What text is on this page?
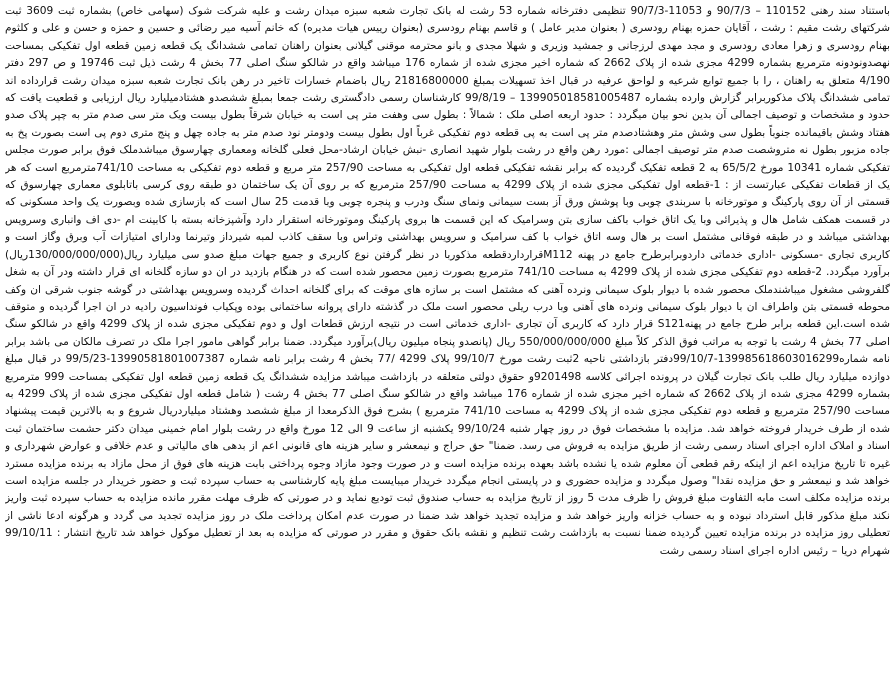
باستناد سند رهنی 110152 – 90/7/3 و 11053-90/7/3 تنظیمی دفترخانه شماره 53 رشت له بانک تجارت شعبه سبزه میدان رشت و علیه شرکت شوک (سهامی خاص) بشماره ثبت 3609 ثبت شرکتهای رشت مقیم : رشت ، آقایان حمزه بهنام رودسری ( بعنوان مدیر عامل ) و قاسم بهنام رودسری (بعنوان رییس هیات مدیره) که خانم آسیه میر رضائی و حسین و حمزه و حسن و علی و کلثوم بهنام رودسری و زهرا معادی رودسری و مجد مهدی لرزجانی و جمشید وزیری و شهلا مجدی و بانو محترمه موقنی گیلانی بعنوان راهنان تمامی ششدانگ یک قطعه زمین قطعه اول تفکیکی بمساحت نهصدونودونه مترمربع بشماره 4299 مجزی شده از پلاک 2662 که شماره اخیر مجزی شده از شماره 176 میباشد واقع در شالکو سنگ اصلی 77 بخش 4 رشت ذیل ثبت 19746 و ص 297 دفتر 4/190 متعلق به راهنان ، را با جمیع توابع شرعیه و لواحق عرفیه در قبال اخذ تسهیلات بمبلغ 21816800000 ریال باضمام خسارات تاخیر در رهن بانک تجارت شعبه سبزه میدان رشت قرارداده اند تمامی ششدانگ پلاک مذکوربرابر گزارش وارده بشماره 139905018581005487 – 99/8/19 کارشناسان رسمی دادگستری رشت جمعا بمبلغ ششصدو هشتادمیلیارد ریال ارزیابی و قطعیت یافت که حدود و مشخصات و توصیف اجمالی آن بدین نحو بیان میگردد : حدود اربعه اصلی ملک : شمالاً : بطول سی وهفت متر پی است به خیابان شرقاً بطول بیست ویک متر سی صدم متر به چپر پلاک صدو هفتاد وشش باقیمانده جنوباً بطول سی وشش متر وهشتادصدم متر پی است به پی قطعه دوم تفکیکی غرباً اول بطول بیست ودومتر نود صدم متر به جاده چهل و پنج متری دوم پی است بصورت پخ به جاده مزبور بطول نه متروشصت صدم متر توصیف اجمالی :مورد رهن واقع در رشت بلوار شهید انصاری -نبش خیابان ارشاد-محل فعلی گلخانه ومعماری چهارسوق میباشدملک فوق برابر صورت مجلس تفکیکی شماره 10341 مورخ 65/5/2 به 2 قطعه تفکیک گردیده که برابر نقشه تفکیکی قطعه اول تفکیکی به مساحت 257/90 متر مربع و قطعه دوم تفکیکی به مساحت 741/10مترمربع است که هر یک از قطعات تفکیکی عبارتست از : 1-قطعه اول تفکیکی مجزی شده از پلاک 4299 به مساحت 257/90 مترمربع که بر روی آن یک ساختمان دو طبقه روی کرسی باتابلوی معماری چهارسوق که قسمتی از آن روی پارکینگ و موتورخانه با سربندی چوبی وبا پوشش ورق آز بست سیمانی ونمای سنگ ودرب و پنجره چوبی وبا قدمت 25 سال است که بازسازی شده وبصورت یک واحد مسکونی که در قسمت همکف شامل هال و پذیرائی وبا یک اتاق خواب باکف سازی بتن وسرامیک که این قسمت ها بروی پارکینگ وموتورخانه استقرار دارد وآشپزخانه بسته با کابینت ام -دی اف وانباری وسرویس بهداشتی میباشد و در طبقه فوقانی مشتمل است بر هال وسه اتاق خواب با کف سرامیک و سرویس بهداشتی وتراس وبا سقف کاذب لمبه شیرداز وتیرنما ودارای امتیازات آب وبرق وگاز است و کاربری تجاری -مسکونی -اداری خدماتی داردوبرابرطرح جامع در پهنه M112قرارداردقطعه مذکوربا در نظر گرفتن نوع کاربری و جمیع جهات مبلغ صدو سی میلیارد ریال(130/000/000/000ریال) برآورد میگردد. 2-قطعه دوم تفکیکی مجزی شده از پلاک 4299 به مساحت 741/10 مترمربع بصورت زمین محصور شده است که در هنگام بازدید در ان دو سازه گلخانه ای قرار داشته ودر آن به شغل گلفروشی مشغول میباشندملک محصور شده با دیوار بلوک سیمانی ونرده آهنی که مشتمل است بر سازه های موقت که برای گلخانه احداث گردیده وسرویس بهداشتی در گوشه جنوب شرقی ان وکف محوطه قسمتی بتن واطراف ان با دیوار بلوک سیمانی ونرده های آهنی وبا درب ریلی محصور است ملک در گذشته دارای پروانه ساختمانی بوده وپکیاب فونداسیون رادیه در ان اجرا گردیده و متوقف شده است.این قطعه برابر طرح جامع در پهنهS121 قرار دارد که کاربری آن تجاری -اداری خدماتی است در نتیجه ارزش قطعات اول و دوم تفکیکی مجزی شده از پلاک 4299 واقع در شالکو سنگ اصلی 77 بخش 4 رشت با توجه به مراتب فوق الذکر کلاً مبلغ 550/000/000/000 ریال (پانصدو پنجاه میلیون ریال)برآورد میگردد. ضمنا برابر گواهی مامور اجرا ملک در تصرف مالکان می باشد برابر نامه شماره139985618603016299-99/10/7دفتر بازداشتی ناحیه 2ثبت رشت مورخ 99/10/7 پلاک 4299 /77 بخش 4 رشت برابر نامه شماره 13990581801007387-99/5/23 در قبال مبلغ دوازده میلیارد ریال طلب بانک تجارت گیلان در پرونده اجرائی کلاسه 9201498و حقوق دولتی متعلقه در بازداشت میباشد مزایده ششدانگ یک قطعه زمین قطعه اول تفکیکی بمساحت 999 مترمربع بشماره 4299 مجزی شده از پلاک 2662 که شماره اخیر مجزی شده از شماره 176 میباشد واقع در شالکو سنگ اصلی 77 بخش 4 رشت ( شامل قطعه اول تفکیکی مجزی شده از پلاک 4299 به مساحت 257/90 مترمربع و قطعه دوم تفکیکی مجزی شده از پلاک 4299 به مساحت 741/10 مترمربع ) بشرح فوق الذکرمعدا از مبلغ ششصد وهشتاد میلیاردریال شروع و به بالاترین قیمت پیشنهاد شده از طرف خریدار فروخته خواهد شد. مزایده با مشخصات فوق در روز چهار شنبه 99/10/24 یکشنبه از ساعت 9 الی 12 مورخ واقع در رشت بلوار امام خمینی میدان دکتر حشمت ساختمان ثبت اسناد و املاک اداره اجرای اسناد رسمی رشت از طریق مزایده به فروش می رسد. ضمنا" حق حراج و نیمعشر و سایر هزینه های قانونی اعم از بدهی های مالیاتی و عدم خلافی و عوارض شهرداری و غیره تا تاریخ مزایده اعم از اینکه رقم قطعی آن معلوم شده یا نشده باشد بعهده برنده مزایده است و در صورت وجود مازاد وجوه پرداختی بابت هزینه های فوق از محل مازاد به برنده مزایده مسترد خواهد شد و نیمعشر و حق مزایده نقدا" وصول میگردد و مزایده حضوری و در پایستی انجام میگردد خریدار میبایست مبلغ پایه کارشناسی به حساب سپرده ثبت و حضور خریدار در جلسه مزایده است برنده مزایده مکلف است مابه التفاوت مبلغ فروش را ظرف مدت 5 روز از تاریخ مزایده به حساب صندوق ثبت تودیع نماید و در صورتی که ظرف مهلت مقرر مانده مزایده به حساب سپرده ثبت واریز نکند مبلغ مذکور قابل استرداد نبوده و به حساب خزانه واریز خواهد شد و مزایده تجدید خواهد شد ضمنا در صورت عدم امکان پرداخت ملک در روز مزایده تجدید می گردد و هرگونه ادعا ناشی از تعطیلی روز مزایده در برنده مزایده تعیین گردیده ضمنا نسبت به بازداشت رشت تنظیم و نقشه بانک حقوق و مقرر در صورتی که مزایده به بعد از تعطیل موکول خواهد شد تاریخ انتشار : 99/10/11 شهرام دریا – رئیس اداره اجرای اسناد رسمی رشت
